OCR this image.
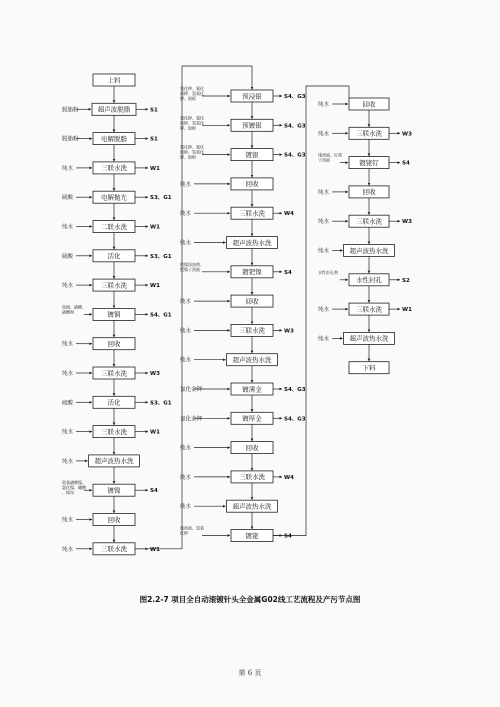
上料
超声波脱脂
脱脂粉	S1
电解脱脂
脱脂粉	S1
三联水洗
纯水	W1
电解抛光
硫酸	S3、G1
二联水洗
纯水	W1
活化
硫酸	S3、G1
三联水洗
纯水	W1
镀铜
焦铜、硫酸、硫酸铜
S4、G1
回收
纯水
三联水洗
纯水	W3
活化
硫酸	S3、G1
三联水洗
纯水	W1
超声波热水洗
纯水
镀镍
氨基磺酸镍、氯化镍、硼酸、镍角	S4
回收
纯水
三联水洗
纯水	W1
预浸银
氰化钾、氰化银钾、氢氧化钾、银板	S4、G3
预镀银
氰化钾、氰化银钾、氢氧化钾、银板	S4、G3
镀银
氰化钾、氰化银钾、氢氧化钾、银板	S4、G3
回收
纯水
三联水洗
纯水	W4
超声波热水洗
纯水
镀钯镍
钯镍添加剂、钯镍子溶液
S4
回收
纯水
三联水洗
纯水	W3
超声波热水洗
纯水
镀薄金
氰化金钾	S4、G3
镀厚金
氰化金钾	S4、G3
回收
纯水
三联水洗
纯水	W4
超声波热水洗
纯水
镀铑
铑溶液、氢氧化钾
S4
回收
纯水
三联水洗
纯水	W3
镀铑钌
铑溶液、钌离子溶液
S4
回收
纯水
三联水洗
纯水	W3
超声波热水洗
纯水
水性封孔
水性封孔剂
S2
三联水洗
纯水	W1
超声波热水洗
纯水
下料
图2.2-7 项目全自动滚镀针头全金属G02线工艺流程及产污节点图
第 6 页
